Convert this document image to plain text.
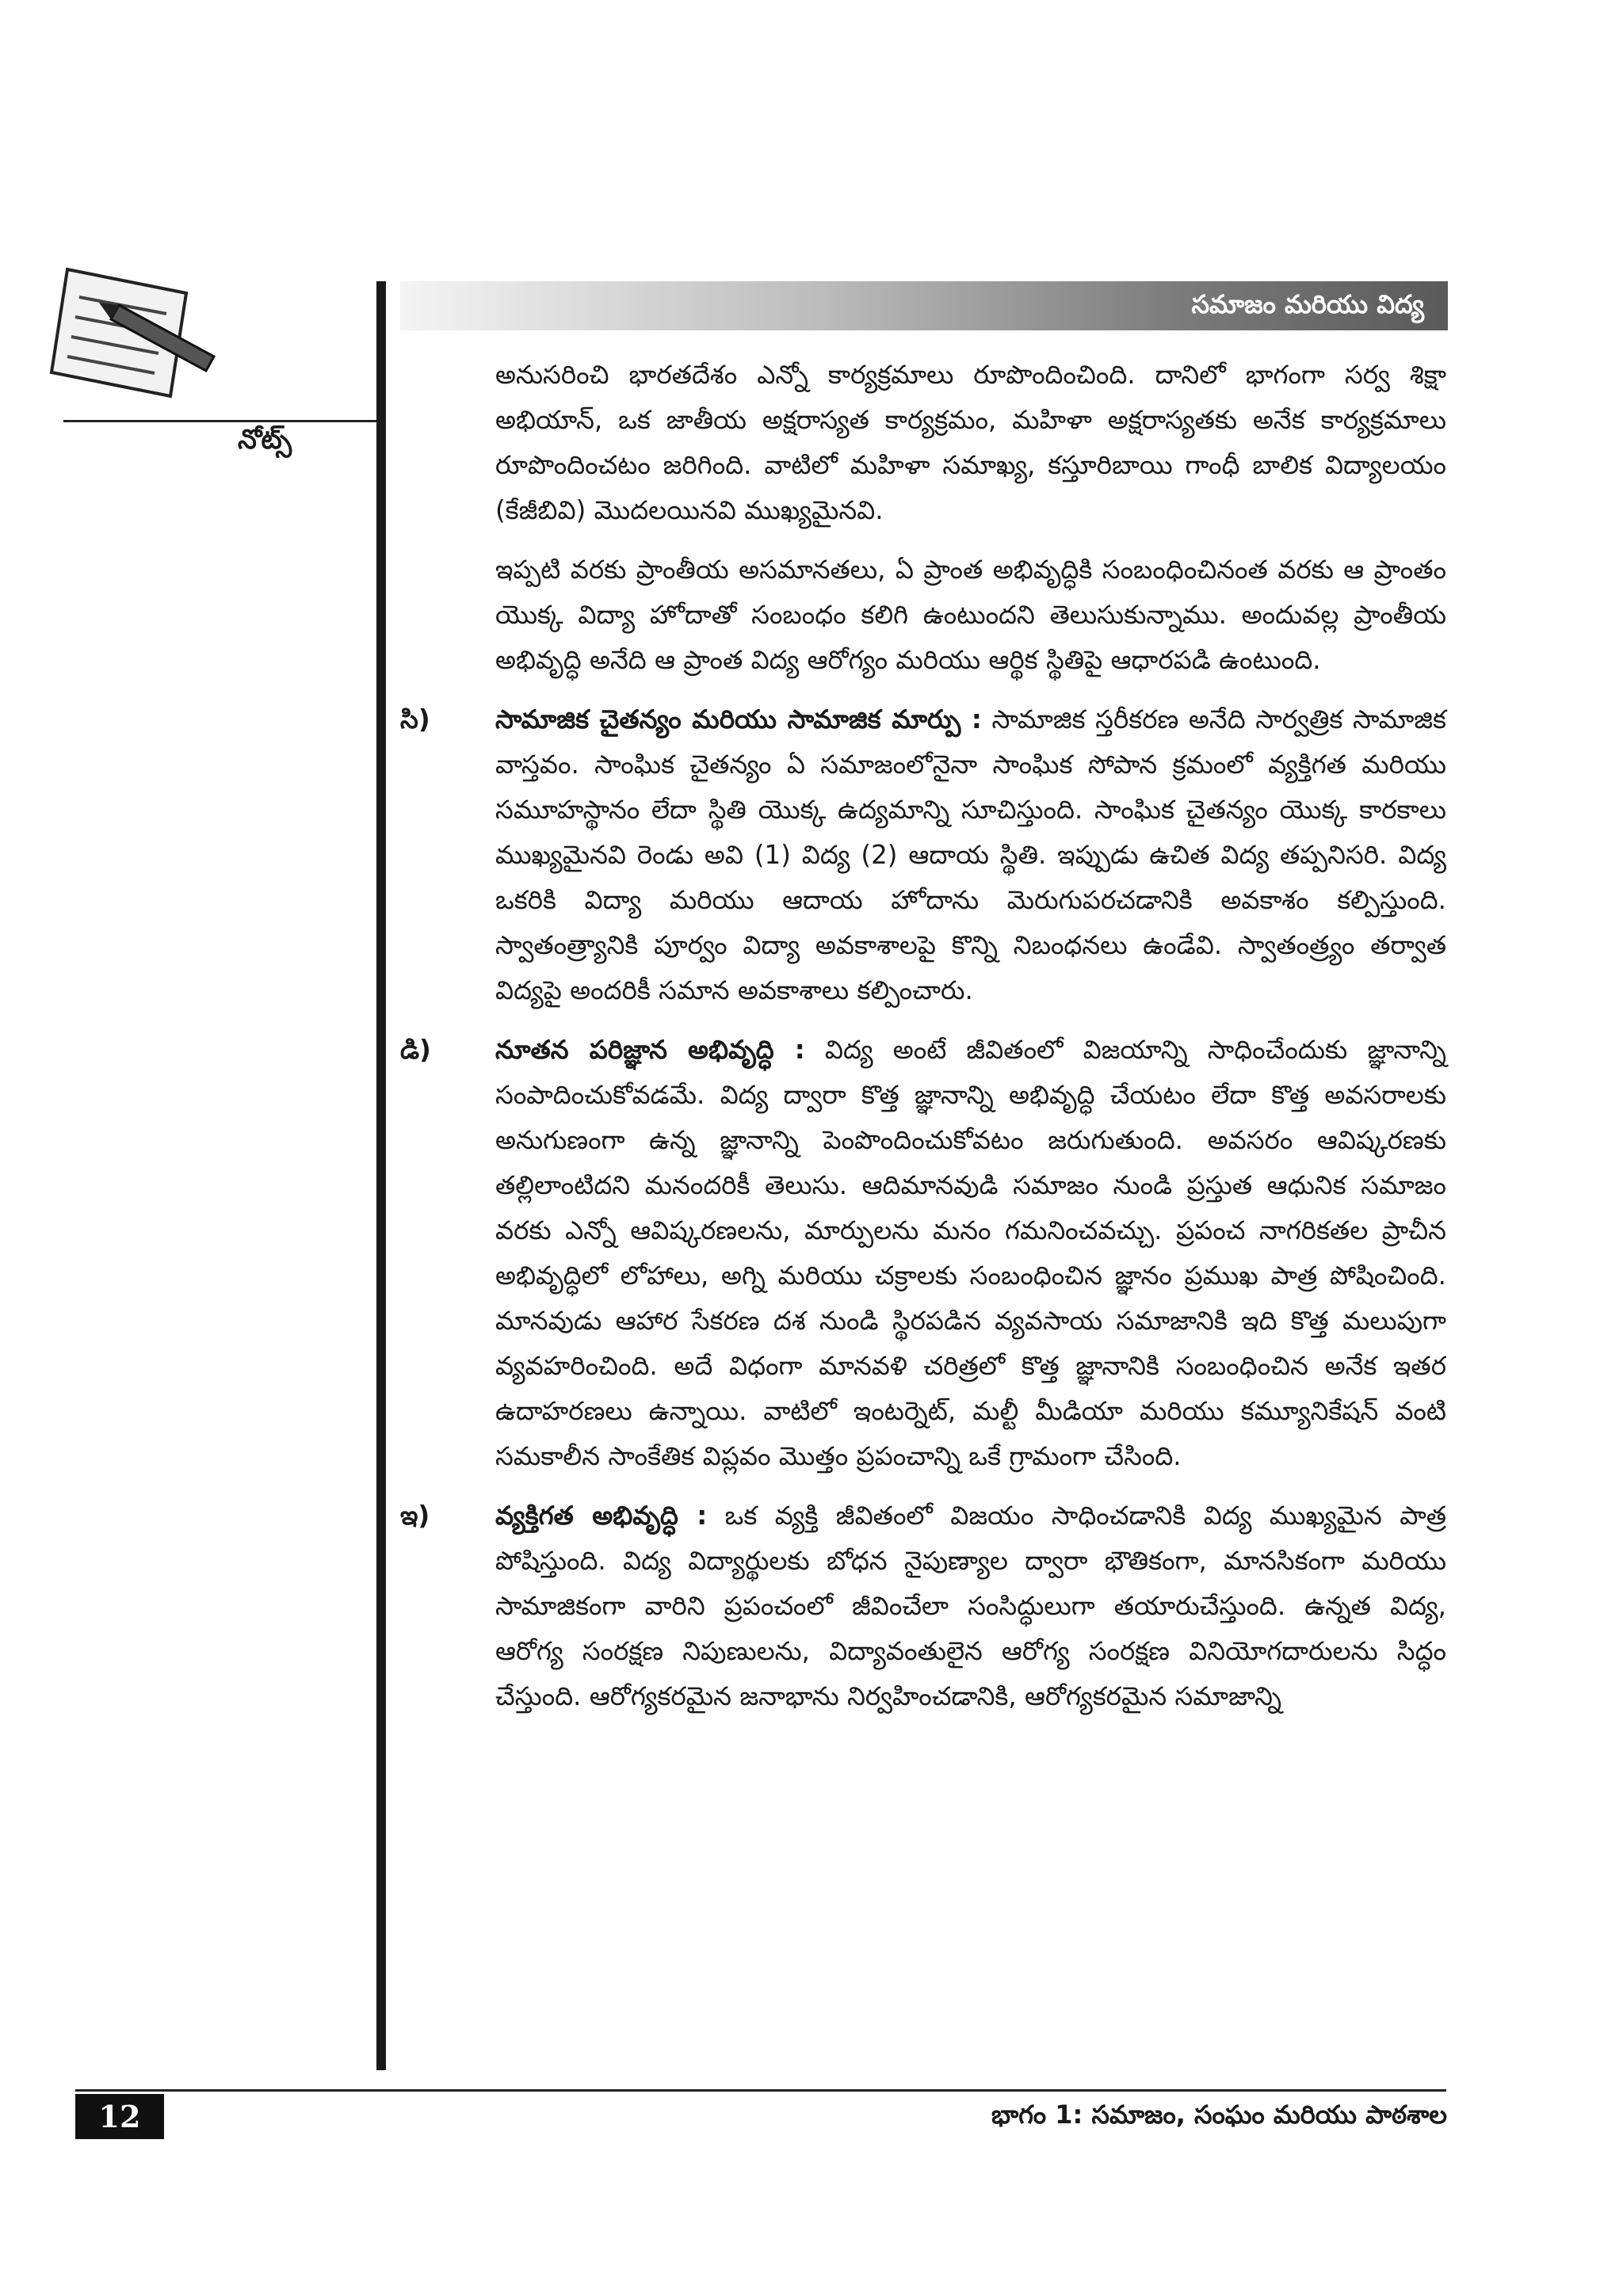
నోట్స్
సమాజం మరియు విద్య

అనుసరించి భారతదేశం ఎన్నో కార్యక్రమాలు రూపొందించింది. దానిలో భాగంగా సర్వ శిక్షా అభియాన్, ఒక జాతీయ అక్షరాస్యత కార్యక్రమం, మహిళా అక్షరాస్యతకు అనేక కార్యక్రమాలు రూపొందించటం జరిగింది. వాటిలో మహిళా సమాఖ్య, కస్తూరిబాయి గాంధీ బాలిక విద్యాలయం (కేజీబివి) మొదలయినవి ముఖ్యమైనవి.

ఇప్పటి వరకు ప్రాంతీయ అసమానతలు, ఏ ప్రాంత అభివృద్ధికి సంబంధించినంత వరకు ఆ ప్రాంతం యొక్క విద్యా హోదాతో సంబంధం కలిగి ఉంటుందని తెలుసుకున్నాము. అందువల్ల ప్రాంతీయ అభివృద్ధి అనేది ఆ ప్రాంత విద్య ఆరోగ్యం మరియు ఆర్థిక స్థితిపై ఆధారపడి ఉంటుంది.

సి)	సామాజిక చైతన్యం మరియు సామాజిక మార్పు : సామాజిక స్తరీకరణ అనేది సార్వత్రిక సామాజిక వాస్తవం. సాంఘిక చైతన్యం ఏ సమాజంలోనైనా సాంఘిక సోపాన క్రమంలో వ్యక్తిగత మరియు సమూహస్థానం లేదా స్థితి యొక్క ఉద్యమాన్ని సూచిస్తుంది. సాంఘిక చైతన్యం యొక్క కారకాలు ముఖ్యమైనవి రెండు అవి (1) విద్య (2) ఆదాయ స్థితి. ఇప్పుడు ఉచిత విద్య తప్పనిసరి. విద్య ఒకరికి విద్యా మరియు ఆదాయ హోదాను మెరుగుపరచడానికి అవకాశం కల్పిస్తుంది. స్వాతంత్ర్యానికి పూర్వం విద్యా అవకాశాలపై కొన్ని నిబంధనలు ఉండేవి. స్వాతంత్ర్యం తర్వాత విద్యపై అందరికీ సమాన అవకాశాలు కల్పించారు.
డి) నూతన పరిజ్ఞాన అభివృద్ధి : విద్య అంటే జీవితంలో విజయాన్ని సాధించేందుకు జ్ఞానాన్ని సంపాదించుకోవడమే. విద్య ద్వారా కొత్త జ్ఞానాన్ని అభివృద్ధి చేయటం లేదా కొత్త అవసరాలకు అనుగుణంగా ఉన్న జ్ఞానాన్ని పెంపొందించుకోవటం జరుగుతుంది. అవసరం ఆవిష్కరణకు తల్లిలాంటిదని మనందరికీ తెలుసు. ఆదిమానవుడి సమాజం నుండి ప్రస్తుత ఆధునిక సమాజం వరకు ఎన్నో ఆవిష్కరణలను, మార్పులను మనం గమనించవచ్చు. ప్రపంచ నాగరికతల ప్రాచీన అభివృద్ధిలో లోహాలు, అగ్ని మరియు చక్రాలకు సంబంధించిన జ్ఞానం ప్రముఖ పాత్ర పోషించింది. మానవుడు ఆహార సేకరణ దశ నుండి స్థిరపడిన వ్యవసాయ సమాజానికి ఇది కొత్త మలుపుగా వ్యవహరించింది. అదే విధంగా మానవళి చరిత్రలో కొత్త జ్ఞానానికి సంబంధించిన అనేక ఇతర ఉదాహరణలు ఉన్నాయి. వాటిలో ఇంటర్నెట్, మల్టీ మీడియా మరియు కమ్యూనికేషన్ వంటి సమకాలీన సాంకేతిక విప్లవం మొత్తం ప్రపంచాన్ని ఒకే గ్రామంగా చేసింది.
ఇ)	వ్యక్తిగత అభివృద్ధి : ఒక వ్యక్తి జీవితంలో విజయం సాధించడానికి విద్య ముఖ్యమైన పాత్ర పోషిస్తుంది. విద్య విద్యార్థులకు బోధన నైపుణ్యాల ద్వారా భౌతికంగా, మానసికంగా మరియు సామాజికంగా వారిని ప్రపంచంలో జీవించేలా సంసిద్ధులుగా తయారుచేస్తుంది. ఉన్నత విద్య, ఆరోగ్య సంరక్షణ నిపుణులను, విద్యావంతులైన ఆరోగ్య సంరక్షణ వినియోగదారులను సిద్ధం చేస్తుంది. ఆరోగ్యకరమైన జనాభాను నిర్వహించడానికి, ఆరోగ్యకరమైన సమాజాన్ని
12	భాగం 1: సమాజం, సంఘం మరియు పాఠశాల
